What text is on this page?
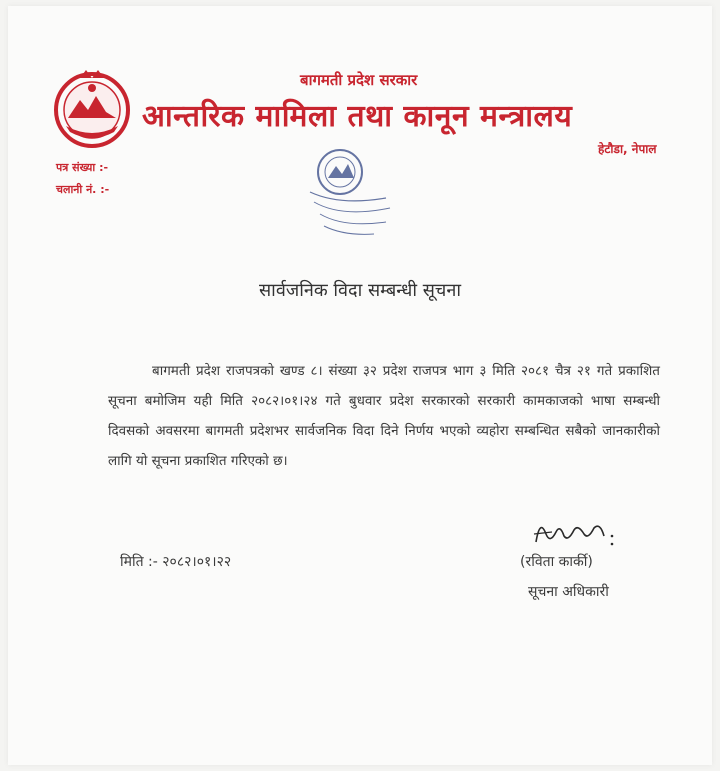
बागमती प्रदेश सरकार
आन्तरिक मामिला तथा कानून मन्त्रालय
हेटौडा, नेपाल
पत्र संख्या :-
चलानी नं. :-
सार्वजनिक विदा सम्बन्धी सूचना
बागमती प्रदेश राजपत्रको खण्ड ८। संख्या ३२ प्रदेश राजपत्र भाग ३ मिति २०८१ चैत्र २१ गते प्रकाशित सूचना बमोजिम यही मिति २०८२।०१।२४ गते बुधवार प्रदेश सरकारको सरकारी कामकाजको भाषा सम्बन्धी दिवसको अवसरमा बागमती प्रदेशभर सार्वजनिक विदा दिने निर्णय भएको व्यहोरा सम्बन्धित सबैको जानकारीको लागि यो सूचना प्रकाशित गरिएको छ।
मिति :- २०८२।०१।२२	(रविता कार्की)
सूचना अधिकारी
